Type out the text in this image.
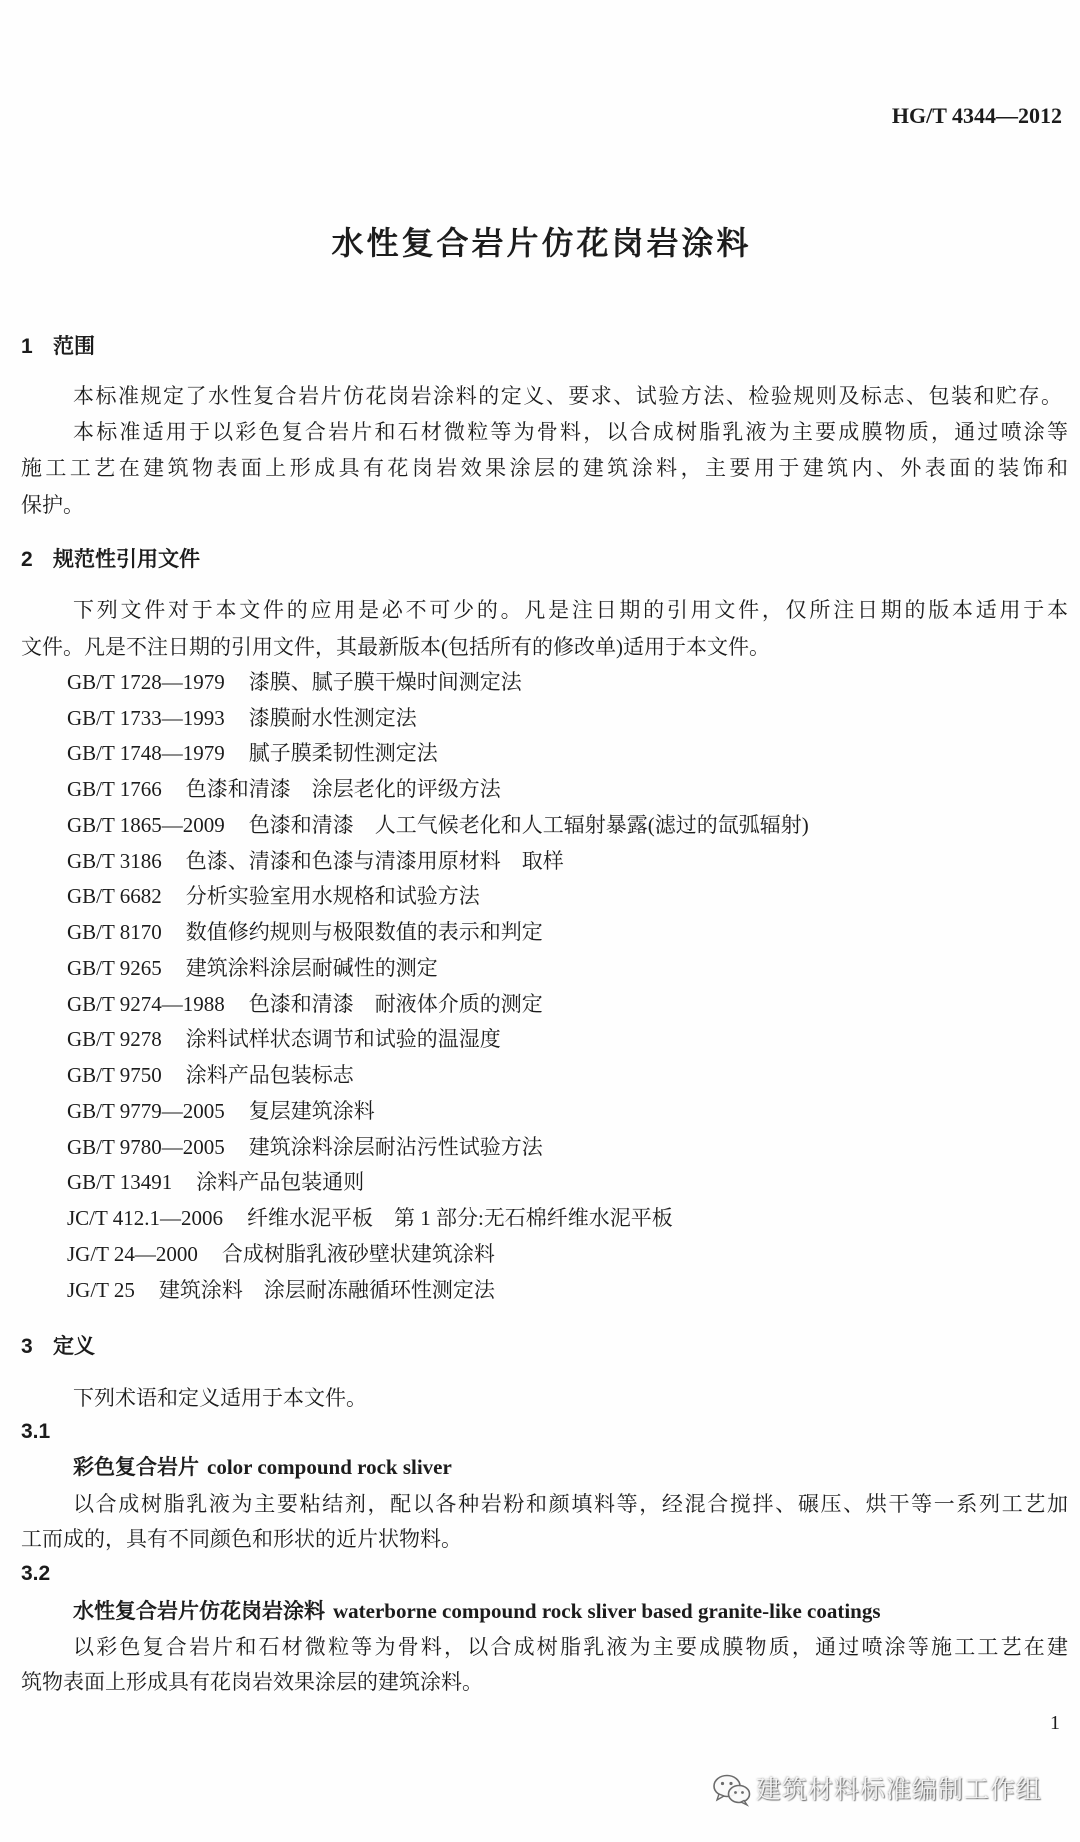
HG/T 4344—2012
水性复合岩片仿花岗岩涂料
1 范围
本标准规定了水性复合岩片仿花岗岩涂料的定义、要求、试验方法、检验规则及标志、包装和贮存。
本标准适用于以彩色复合岩片和石材微粒等为骨料，以合成树脂乳液为主要成膜物质，通过喷涂等
施工工艺在建筑物表面上形成具有花岗岩效果涂层的建筑涂料，主要用于建筑内、外表面的装饰和
保护。
2 规范性引用文件
下列文件对于本文件的应用是必不可少的。凡是注日期的引用文件，仅所注日期的版本适用于本
文件。凡是不注日期的引用文件，其最新版本(包括所有的修改单)适用于本文件。
GB/T 1728—1979 漆膜、腻子膜干燥时间测定法
GB/T 1733—1993 漆膜耐水性测定法
GB/T 1748—1979 腻子膜柔韧性测定法
GB/T 1766 色漆和清漆　涂层老化的评级方法
GB/T 1865—2009 色漆和清漆　人工气候老化和人工辐射暴露(滤过的氙弧辐射)
GB/T 3186 色漆、清漆和色漆与清漆用原材料　取样
GB/T 6682 分析实验室用水规格和试验方法
GB/T 8170 数值修约规则与极限数值的表示和判定
GB/T 9265 建筑涂料涂层耐碱性的测定
GB/T 9274—1988 色漆和清漆　耐液体介质的测定
GB/T 9278 涂料试样状态调节和试验的温湿度
GB/T 9750 涂料产品包装标志
GB/T 9779—2005 复层建筑涂料
GB/T 9780—2005 建筑涂料涂层耐沾污性试验方法
GB/T 13491 涂料产品包装通则
JC/T 412.1—2006 纤维水泥平板　第 1 部分:无石棉纤维水泥平板
JG/T 24—2000 合成树脂乳液砂壁状建筑涂料
JG/T 25 建筑涂料　涂层耐冻融循环性测定法
3 定义
下列术语和定义适用于本文件。
3.1
彩色复合岩片 color compound rock sliver
以合成树脂乳液为主要粘结剂，配以各种岩粉和颜填料等，经混合搅拌、碾压、烘干等一系列工艺加
工而成的，具有不同颜色和形状的近片状物料。
3.2
水性复合岩片仿花岗岩涂料 waterborne compound rock sliver based granite-like coatings
以彩色复合岩片和石材微粒等为骨料，以合成树脂乳液为主要成膜物质，通过喷涂等施工工艺在建
筑物表面上形成具有花岗岩效果涂层的建筑涂料。
1
建筑材料标准编制工作组
